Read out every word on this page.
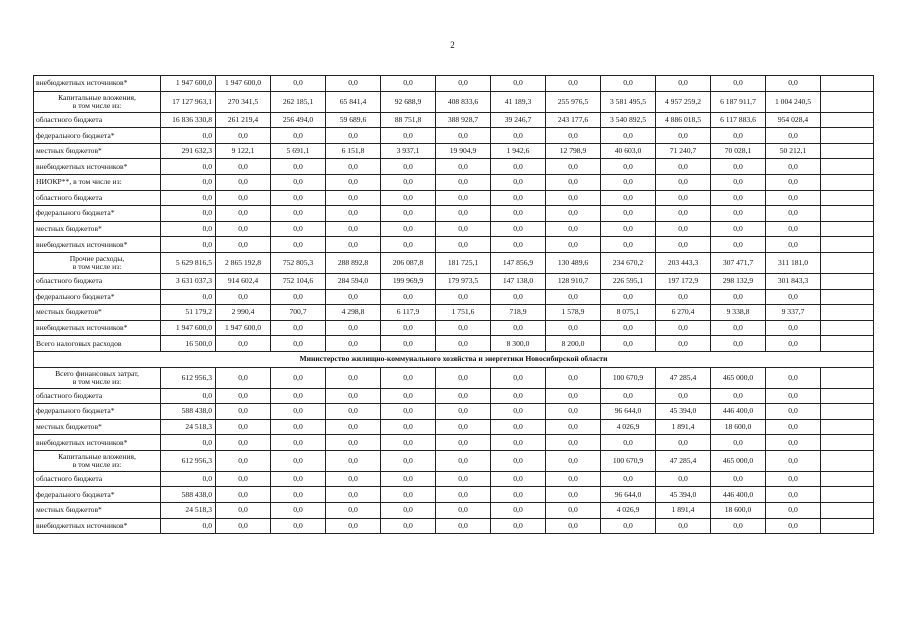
2
внебюджетных источников*	1 947 600,0	1 947 600,0	0,0	0,0	0,0	0,0	0,0	0,0	0,0	0,0	0,0	0,0	
Капитальные вложения,
в том числе из:	17 127 963,1	270 341,5	262 185,1	65 841,4	92 688,9	408 833,6	41 189,3	255 976,5	3 581 495,5	4 957 259,2	6 187 911,7	1 004 240,5	
областного бюджета	16 836 330,8	261 219,4	256 494,0	59 689,6	88 751,8	388 928,7	39 246,7	243 177,6	3 540 892,5	4 886 018,5	6 117 883,6	954 028,4	
федерального бюджета*	0,0	0,0	0,0	0,0	0,0	0,0	0,0	0,0	0,0	0,0	0,0	0,0	
местных бюджетов*	291 632,3	9 122,1	5 691,1	6 151,8	3 937,1	19 904,9	1 942,6	12 798,9	40 603,0	71 240,7	70 028,1	50 212,1	
внебюджетных источников*	0,0	0,0	0,0	0,0	0,0	0,0	0,0	0,0	0,0	0,0	0,0	0,0	
НИОКР**, в том числе из:	0,0	0,0	0,0	0,0	0,0	0,0	0,0	0,0	0,0	0,0	0,0	0,0	
областного бюджета	0,0	0,0	0,0	0,0	0,0	0,0	0,0	0,0	0,0	0,0	0,0	0,0	
федерального бюджета*	0,0	0,0	0,0	0,0	0,0	0,0	0,0	0,0	0,0	0,0	0,0	0,0	
местных бюджетов*	0,0	0,0	0,0	0,0	0,0	0,0	0,0	0,0	0,0	0,0	0,0	0,0	
внебюджетных источников*	0,0	0,0	0,0	0,0	0,0	0,0	0,0	0,0	0,0	0,0	0,0	0,0	
Прочие расходы,
в том числе из:	5 629 816,5	2 865 192,8	752 805,3	288 892,8	206 087,8	181 725,1	147 856,9	130 489,6	234 670,2	203 443,3	307 471,7	311 181,0	
областного бюджета	3 631 037,3	914 602,4	752 104,6	284 594,0	199 969,9	179 973,5	147 138,0	128 910,7	226 595,1	197 172,9	298 132,9	301 843,3	
федерального бюджета*	0,0	0,0	0,0	0,0	0,0	0,0	0,0	0,0	0,0	0,0	0,0	0,0	
местных бюджетов*	51 179,2	2 990,4	700,7	4 298,8	6 117,9	1 751,6	718,9	1 578,9	8 075,1	6 270,4	9 338,8	9 337,7	
внебюджетных источников*	1 947 600,0	1 947 600,0	0,0	0,0	0,0	0,0	0,0	0,0	0,0	0,0	0,0	0,0	
Всего налоговых расходов	16 500,0	0,0	0,0	0,0	0,0	0,0	8 300,0	8 200,0	0,0	0,0	0,0	0,0	
Министерство жилищно-коммунального хозяйства и энергетики Новосибирской области													
Всего финансовых затрат,
в том числе из:	612 956,3	0,0	0,0	0,0	0,0	0,0	0,0	0,0	100 670,9	47 285,4	465 000,0	0,0	
областного бюджета	0,0	0,0	0,0	0,0	0,0	0,0	0,0	0,0	0,0	0,0	0,0	0,0	
федерального бюджета*	588 438,0	0,0	0,0	0,0	0,0	0,0	0,0	0,0	96 644,0	45 394,0	446 400,0	0,0	
местных бюджетов*	24 518,3	0,0	0,0	0,0	0,0	0,0	0,0	0,0	4 026,9	1 891,4	18 600,0	0,0	
внебюджетных источников*	0,0	0,0	0,0	0,0	0,0	0,0	0,0	0,0	0,0	0,0	0,0	0,0	
Капитальные вложения,
в том числе из:	612 956,3	0,0	0,0	0,0	0,0	0,0	0,0	0,0	100 670,9	47 285,4	465 000,0	0,0	
областного бюджета	0,0	0,0	0,0	0,0	0,0	0,0	0,0	0,0	0,0	0,0	0,0	0,0	
федерального бюджета*	588 438,0	0,0	0,0	0,0	0,0	0,0	0,0	0,0	96 644,0	45 394,0	446 400,0	0,0	
местных бюджетов*	24 518,3	0,0	0,0	0,0	0,0	0,0	0,0	0,0	4 026,9	1 891,4	18 600,0	0,0	
внебюджетных источников*	0,0	0,0	0,0	0,0	0,0	0,0	0,0	0,0	0,0	0,0	0,0	0,0	
